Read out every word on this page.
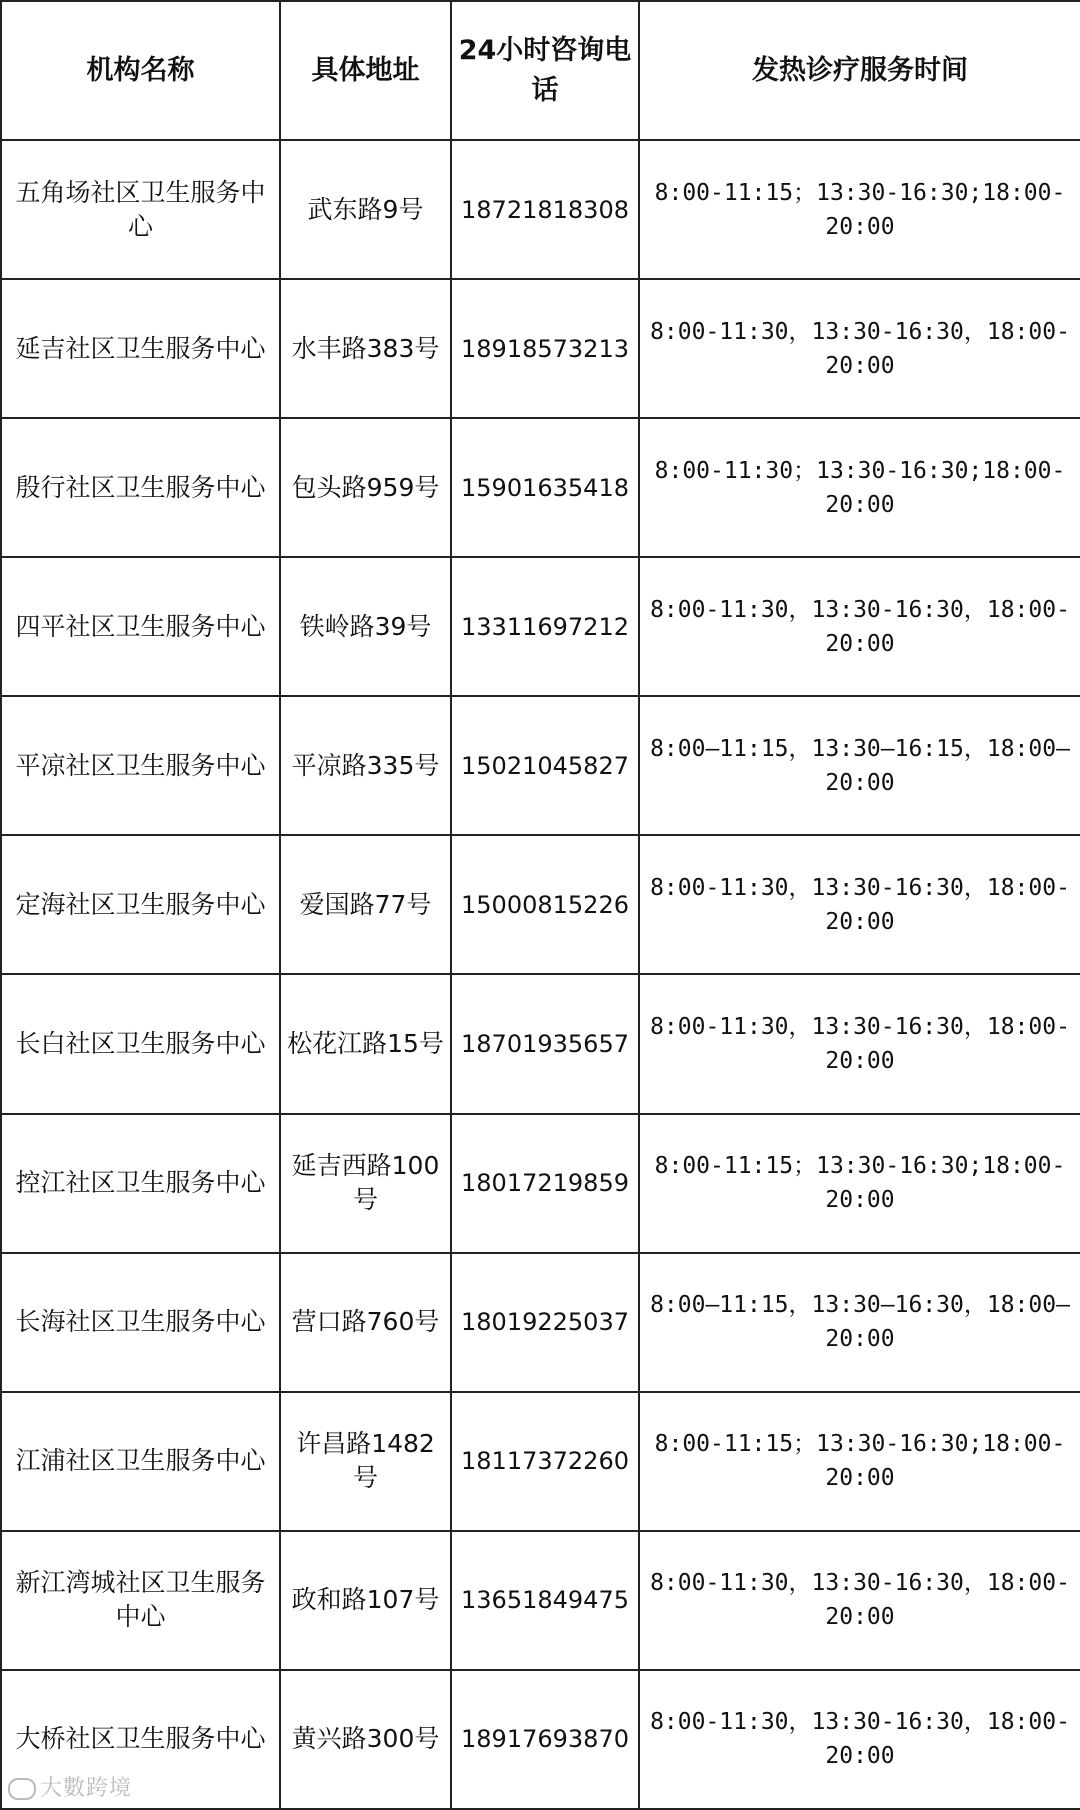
机构名称	具体地址	24小时咨询电话	发热诊疗服务时间
五角场社区卫生服务中心	武东路9号	18721818308	8:00-11:15；13:30-16:30;18:00-20:00
延吉社区卫生服务中心	水丰路383号	18918573213	8:00-11:30，13:30-16:30，18:00-20:00
殷行社区卫生服务中心	包头路959号	15901635418	8:00-11:30；13:30-16:30;18:00-20:00
四平社区卫生服务中心	铁岭路39号	13311697212	8:00-11:30，13:30-16:30，18:00-20:00
平凉社区卫生服务中心	平凉路335号	15021045827	8:00—11:15，13:30—16:15，18:00—20:00
定海社区卫生服务中心	爱国路77号	15000815226	8:00-11:30，13:30-16:30，18:00-20:00
长白社区卫生服务中心	松花江路15号	18701935657	8:00-11:30，13:30-16:30，18:00-20:00
控江社区卫生服务中心	延吉西路100号	18017219859	8:00-11:15；13:30-16:30;18:00-20:00
长海社区卫生服务中心	营口路760号	18019225037	8:00—11:15，13:30—16:30，18:00—20:00
江浦社区卫生服务中心	许昌路1482号	18117372260	8:00-11:15；13:30-16:30;18:00-20:00
新江湾城社区卫生服务中心	政和路107号	13651849475	8:00-11:30，13:30-16:30，18:00-20:00
大桥社区卫生服务中心	黄兴路300号	18917693870	8:00-11:30，13:30-16:30，18:00-20:00
大數跨境
